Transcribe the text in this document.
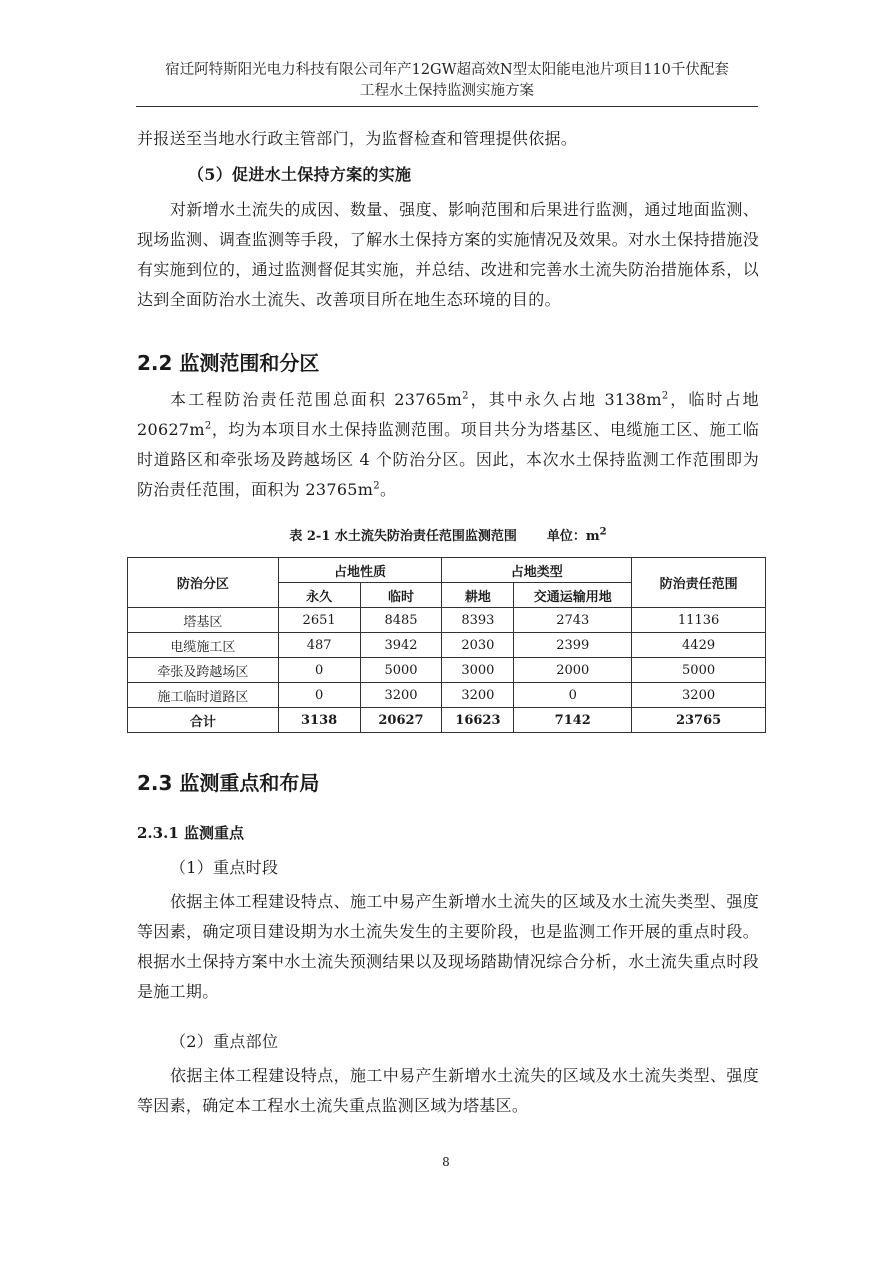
宿迁阿特斯阳光电力科技有限公司年产12GW超高效N型太阳能电池片项目110千伏配套
工程水土保持监测实施方案

并报送至当地水行政主管部门，为监督检查和管理提供依据。

（5）促进水土保持方案的实施

对新增水土流失的成因、数量、强度、影响范围和后果进行监测，通过地面监测、现场监测、调查监测等手段，了解水土保持方案的实施情况及效果。对水土保持措施没有实施到位的，通过监测督促其实施，并总结、改进和完善水土流失防治措施体系，以达到全面防治水土流失、改善项目所在地生态环境的目的。

2.2 监测范围和分区

本工程防治责任范围总面积 $23765m^2$，其中永久占地 $3138m^2$，临时占地 $20627m^2$，均为本项目水土保持监测范围。项目共分为塔基区、电缆施工区、施工临时道路区和牵张场及跨越场区 4 个防治分区。因此，本次水土保持监测工作范围即为防治责任范围，面积为 $23765m^2$。

表 2-1 水土流失防治责任范围监测范围 单位：$m^2$
防治分区	占地性质		占地类型		防治责任范围
	永久	临时	耕地	交通运输用地	
塔基区	2651	8485	8393	2743	11136
电缆施工区	487	3942	2030	2399	4429
牵张及跨越场区	0	5000	3000	2000	5000
施工临时道路区	0	3200	3200	0	3200
合计	3138	20627	16623	7142	23765
2.3 监测重点和布局
2.3.1 监测重点

（1）重点时段

依据主体工程建设特点、施工中易产生新增水土流失的区域及水土流失类型、强度等因素，确定项目建设期为水土流失发生的主要阶段，也是监测工作开展的重点时段。根据水土保持方案中水土流失预测结果以及现场踏勘情况综合分析，水土流失重点时段是施工期。

（2）重点部位

依据主体工程建设特点，施工中易产生新增水土流失的区域及水土流失类型、强度等因素，确定本工程水土流失重点监测区域为塔基区。

8
